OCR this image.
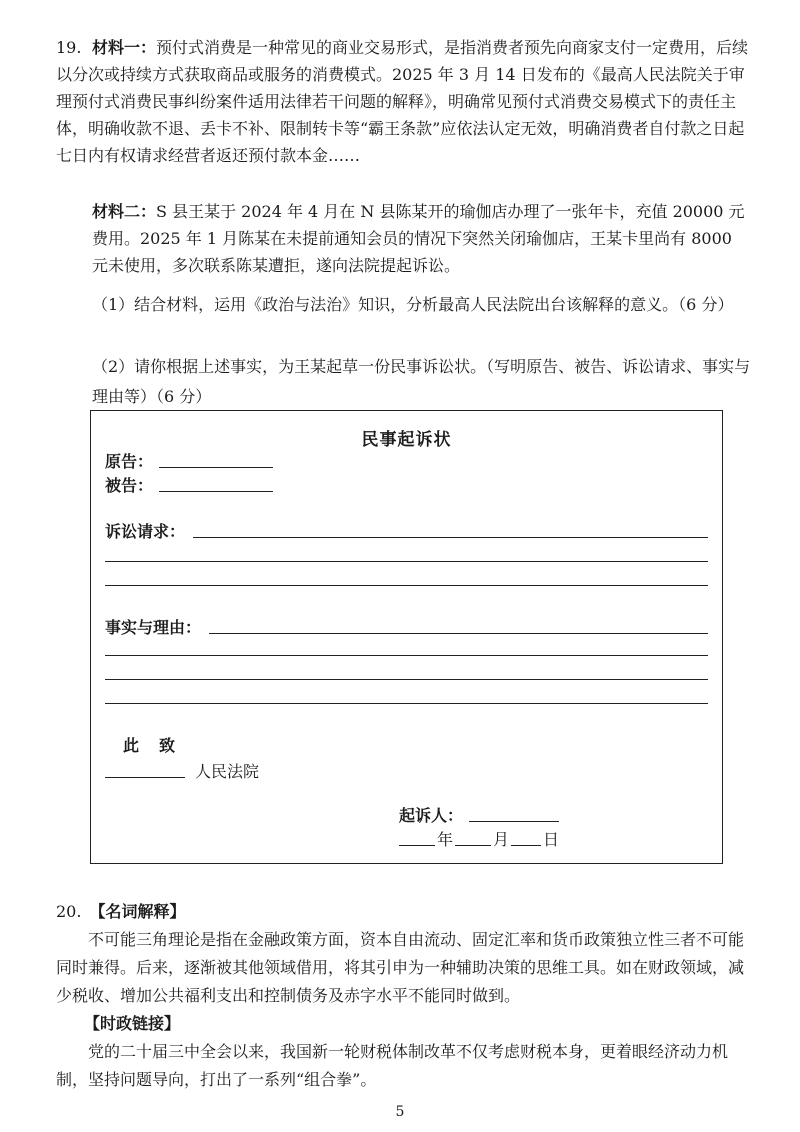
19. 材料一：预付式消费是一种常见的商业交易形式，是指消费者预先向商家支付一定费用，后续以分次或持续方式获取商品或服务的消费模式。2025 年 3 月 14 日发布的《最高人民法院关于审理预付式消费民事纠纷案件适用法律若干问题的解释》，明确常见预付式消费交易模式下的责任主体，明确收款不退、丢卡不补、限制转卡等“霸王条款”应依法认定无效，明确消费者自付款之日起七日内有权请求经营者返还预付款本金……
材料二：S 县王某于 2024 年 4 月在 N 县陈某开的瑜伽店办理了一张年卡，充值 20000 元费用。2025 年 1 月陈某在未提前通知会员的情况下突然关闭瑜伽店，王某卡里尚有 8000 元未使用，多次联系陈某遭拒，遂向法院提起诉讼。
（1）结合材料，运用《政治与法治》知识，分析最高人民法院出台该解释的意义。（6 分）
（2）请你根据上述事实，为王某起草一份民事诉讼状。（写明原告、被告、诉讼请求、事实与理由等）（6 分）
民事起诉状
原告：
被告：
诉讼请求：
事实与理由：
此 致
人民法院
起诉人：
年 月 日
20. 【名词解释】
不可能三角理论是指在金融政策方面，资本自由流动、固定汇率和货币政策独立性三者不可能同时兼得。后来，逐渐被其他领域借用，将其引申为一种辅助决策的思维工具。如在财政领域，减少税收、增加公共福利支出和控制债务及赤字水平不能同时做到。
【时政链接】
党的二十届三中全会以来，我国新一轮财税体制改革不仅考虑财税本身，更着眼经济动力机制，坚持问题导向，打出了一系列“组合拳”。
5
